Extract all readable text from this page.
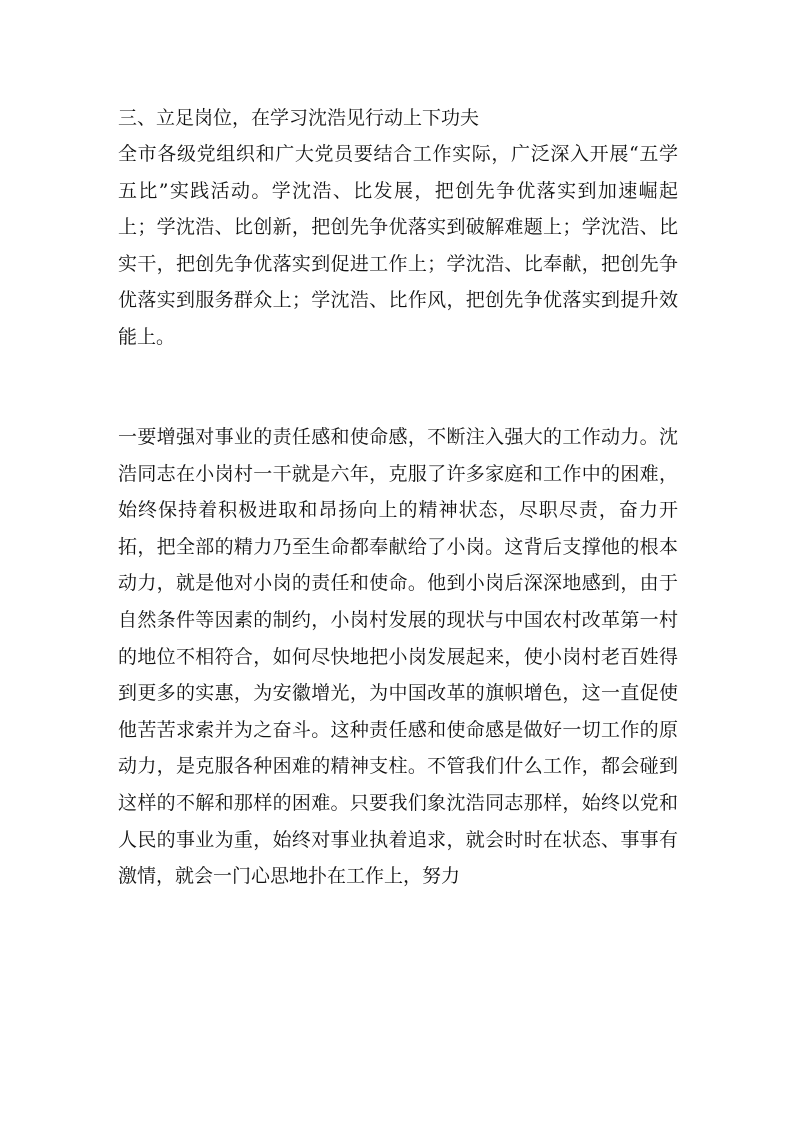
三、立足岗位，在学习沈浩见行动上下功夫

全市各级党组织和广大党员要结合工作实际，广泛深入开展“五学五比”实践活动。学沈浩、比发展，把创先争优落实到加速崛起上；学沈浩、比创新，把创先争优落实到破解难题上；学沈浩、比实干，把创先争优落实到促进工作上；学沈浩、比奉献，把创先争优落实到服务群众上；学沈浩、比作风，把创先争优落实到提升效能上。

一要增强对事业的责任感和使命感，不断注入强大的工作动力。沈浩同志在小岗村一干就是六年，克服了许多家庭和工作中的困难，始终保持着积极进取和昂扬向上的精神状态，尽职尽责，奋力开拓，把全部的精力乃至生命都奉献给了小岗。这背后支撑他的根本动力，就是他对小岗的责任和使命。他到小岗后深深地感到，由于自然条件等因素的制约，小岗村发展的现状与中国农村改革第一村的地位不相符合，如何尽快地把小岗发展起来，使小岗村老百姓得到更多的实惠，为安徽增光，为中国改革的旗帜增色，这一直促使他苦苦求索并为之奋斗。这种责任感和使命感是做好一切工作的原动力，是克服各种困难的精神支柱。不管我们什么工作，都会碰到这样的不解和那样的困难。只要我们象沈浩同志那样，始终以党和人民的事业为重，始终对事业执着追求，就会时时在状态、事事有激情，就会一门心思地扑在工作上，努力
